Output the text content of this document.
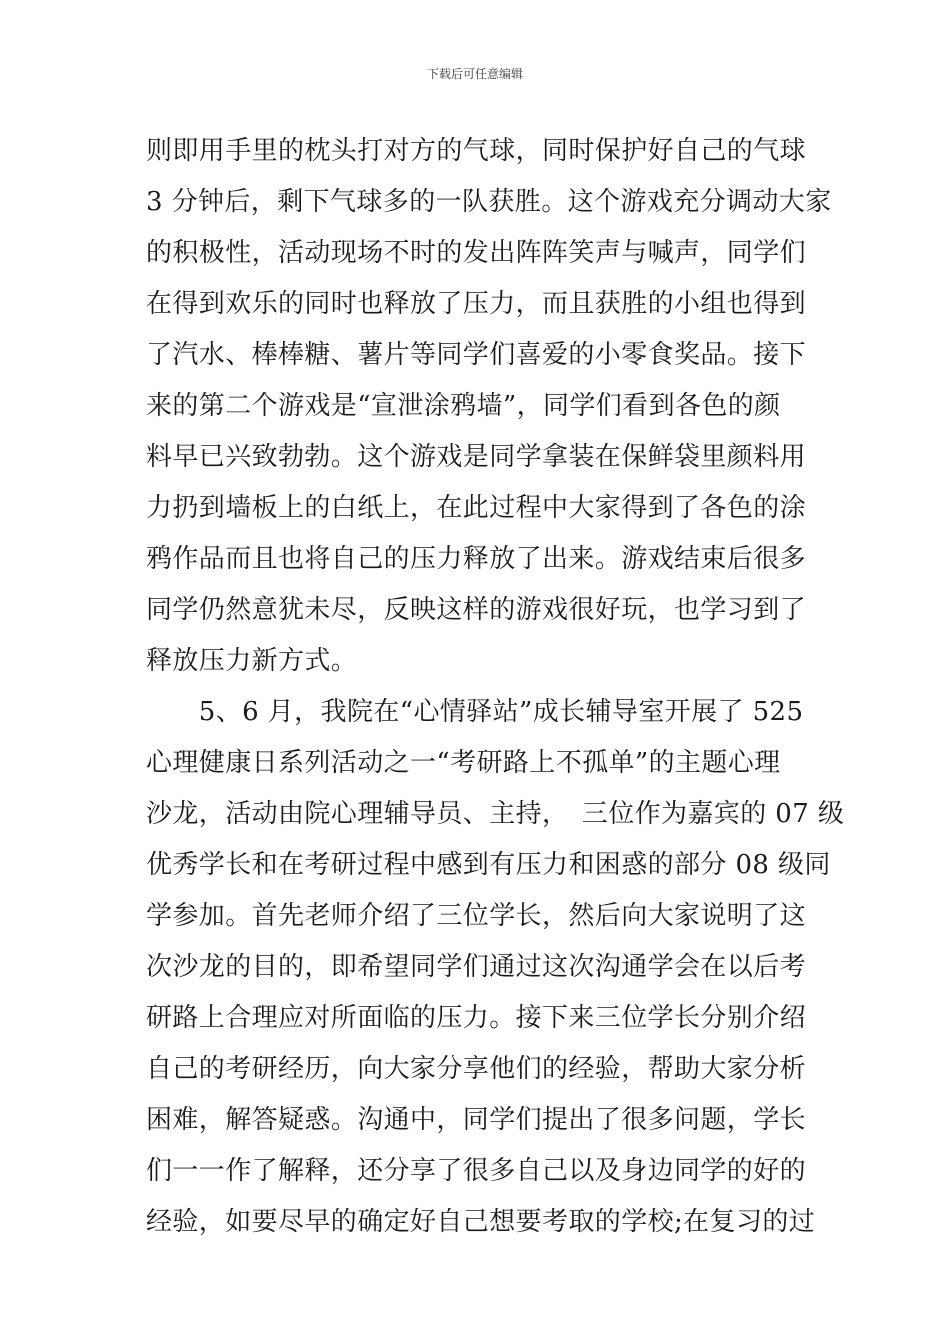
下载后可任意编辑
则即用手里的枕头打对方的气球，同时保护好自己的气球
3 分钟后，剩下气球多的一队获胜。这个游戏充分调动大家
的积极性，活动现场不时的发出阵阵笑声与喊声，同学们
在得到欢乐的同时也释放了压力，而且获胜的小组也得到
了汽水、棒棒糖、薯片等同学们喜爱的小零食奖品。接下
来的第二个游戏是“宣泄涂鸦墙”，同学们看到各色的颜
料早已兴致勃勃。这个游戏是同学拿装在保鲜袋里颜料用
力扔到墙板上的白纸上，在此过程中大家得到了各色的涂
鸦作品而且也将自己的压力释放了出来。游戏结束后很多
同学仍然意犹未尽，反映这样的游戏很好玩，也学习到了
释放压力新方式。
　　5、6 月，我院在“心情驿站”成长辅导室开展了 525
心理健康日系列活动之一“考研路上不孤单”的主题心理
沙龙，活动由院心理辅导员、主持，　三位作为嘉宾的 07 级
优秀学长和在考研过程中感到有压力和困惑的部分 08 级同
学参加。首先老师介绍了三位学长，然后向大家说明了这
次沙龙的目的，即希望同学们通过这次沟通学会在以后考
研路上合理应对所面临的压力。接下来三位学长分别介绍
自己的考研经历，向大家分享他们的经验，帮助大家分析
困难，解答疑惑。沟通中，同学们提出了很多问题，学长
们一一作了解释，还分享了很多自己以及身边同学的好的
经验，如要尽早的确定好自己想要考取的学校;在复习的过
